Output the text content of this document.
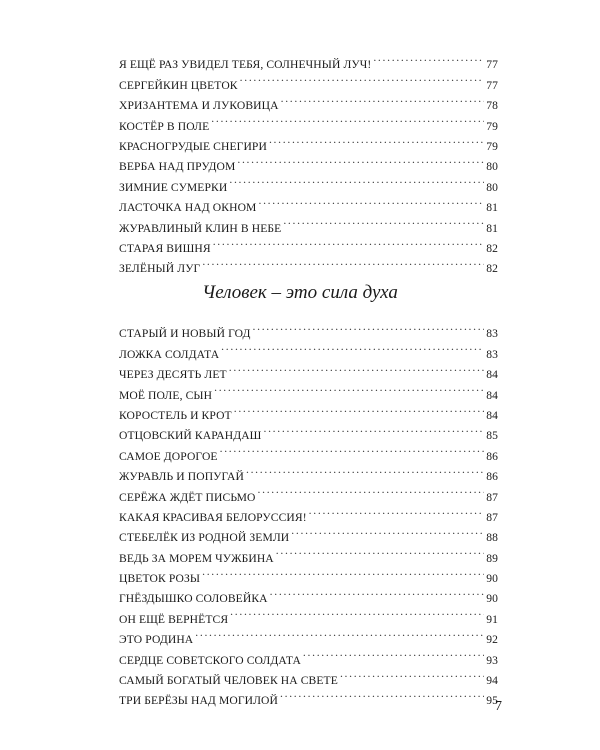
Я ЕЩЁ РАЗ УВИДЕЛ ТЕБЯ, СОЛНЕЧНЫЙ ЛУЧ! . . .	77
СЕРГЕЙКИН ЦВЕТОК . . .	77
ХРИЗАНТЕМА И ЛУКОВИЦА . . .	78
КОСТЁР В ПОЛЕ . . .	79
КРАСНОГРУДЫЕ СНЕГИРИ . . .	79
ВЕРБА НАД ПРУДОМ . . .	80
ЗИМНИЕ СУМЕРКИ . . .	80
ЛАСТОЧКА НАД ОКНОМ . . .	81
ЖУРАВЛИНЫЙ КЛИН В НЕБЕ . . .	81
СТАРАЯ ВИШНЯ . . .	82
ЗЕЛЁНЫЙ ЛУГ . . .	82
Человек – это сила духа
СТАРЫЙ И НОВЫЙ ГОД . . .	83
ЛОЖКА СОЛДАТА . . .	83
ЧЕРЕЗ ДЕСЯТЬ ЛЕТ . . .	84
МОЁ ПОЛЕ, СЫН . . .	84
КОРОСТЕЛЬ И КРОТ . . .	84
ОТЦОВСКИЙ КАРАНДАШ . . .	85
САМОЕ ДОРОГОЕ . . .	86
ЖУРАВЛЬ И ПОПУГАЙ . . .	86
СЕРЁЖА ЖДЁТ ПИСЬМО . . .	87
КАКАЯ КРАСИВАЯ БЕЛОРУССИЯ! . . .	87
СТЕБЕЛЁК ИЗ РОДНОЙ ЗЕМЛИ . . .	88
ВЕДЬ ЗА МОРЕМ ЧУЖБИНА . . .	89
ЦВЕТОК РОЗЫ . . .	90
ГНЁЗДЫШКО СОЛОВЕЙКА . . .	90
ОН ЕЩЁ ВЕРНЁТСЯ . . .	91
ЭТО РОДИНА . . .	92
СЕРДЦЕ СОВЕТСКОГО СОЛДАТА . . .	93
САМЫЙ БОГАТЫЙ ЧЕЛОВЕК НА СВЕТЕ . . .	94
ТРИ БЕРЁЗЫ НАД МОГИЛОЙ . . .	95
7
